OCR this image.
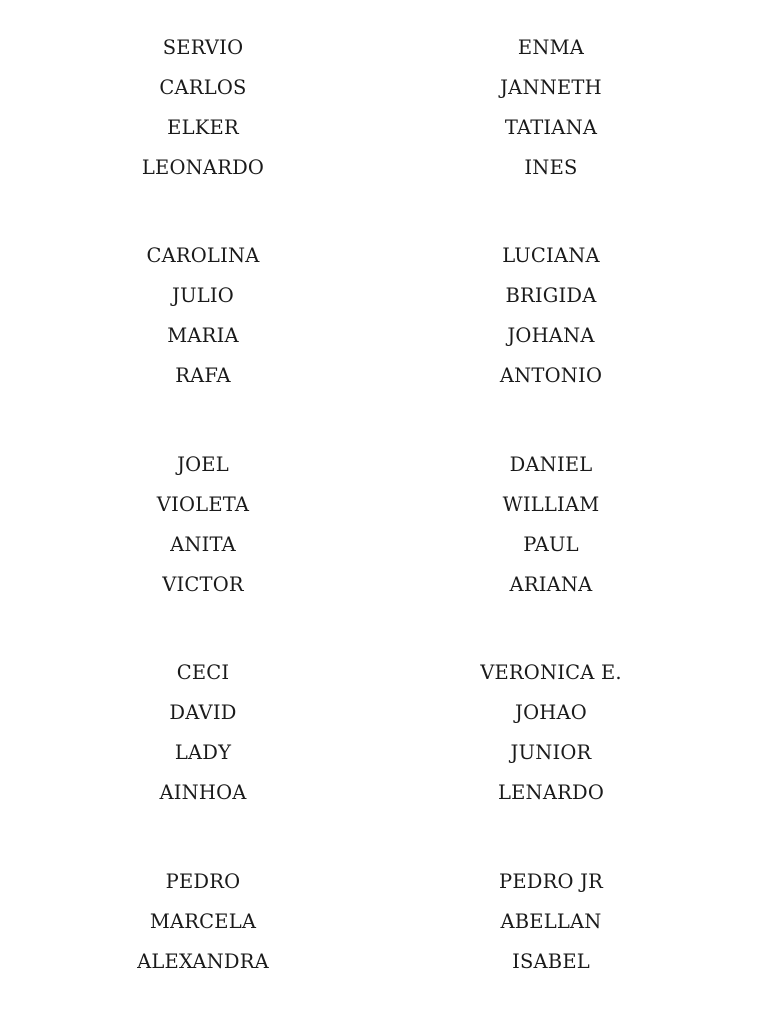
SERVIO	ENMA
CARLOS	JANNETH
ELKER	TATIANA
LEONARDO	INES
CAROLINA	LUCIANA
JULIO	BRIGIDA
MARIA	JOHANA
RAFA	ANTONIO
JOEL	DANIEL
VIOLETA	WILLIAM
ANITA	PAUL
VICTOR	ARIANA
CECI	VERONICA E.
DAVID	JOHAO
LADY	JUNIOR
AINHOA	LENARDO
PEDRO	PEDRO JR
MARCELA	ABELLAN
ALEXANDRA	ISABEL
